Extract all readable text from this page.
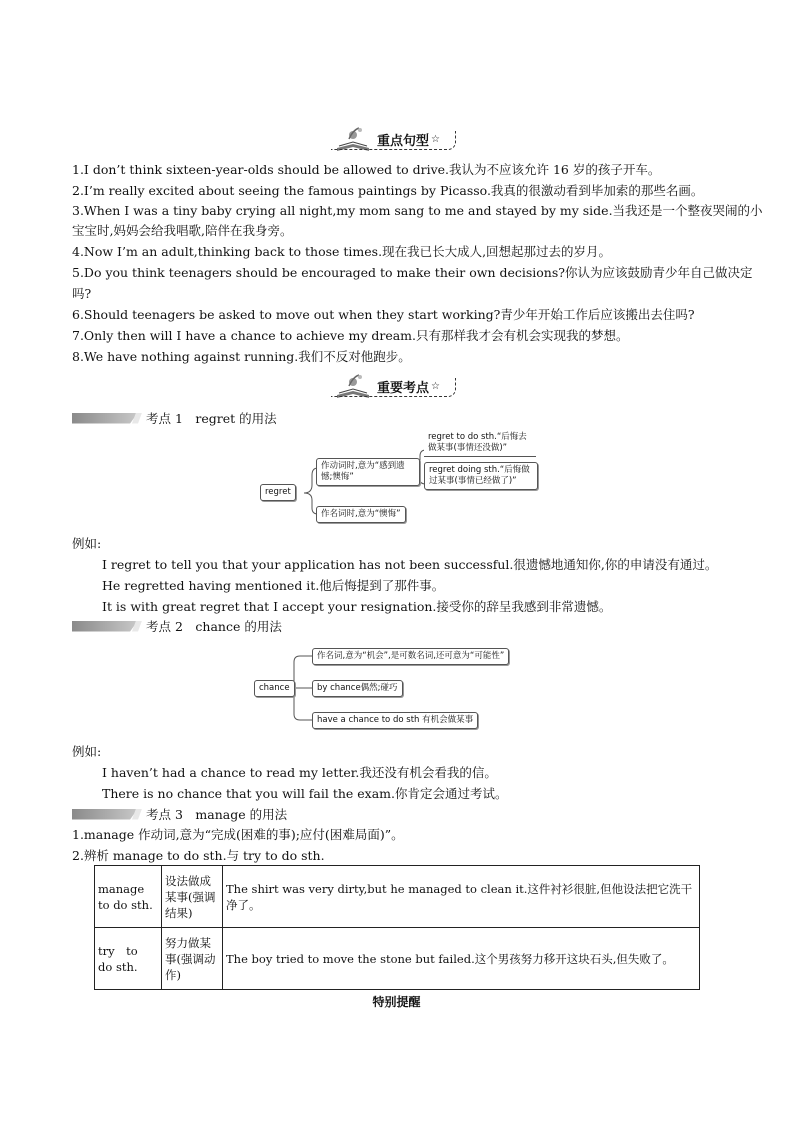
重点句型 ☆
1.I don’t think sixteen-year-olds should be allowed to drive.我认为不应该允许 16 岁的孩子开车。
2.I’m really excited about seeing the famous paintings by Picasso.我真的很激动看到毕加索的那些名画。
3.When I was a tiny baby crying all night,my mom sang to me and stayed by my side.当我还是一个整夜哭闹的小
宝宝时,妈妈会给我唱歌,陪伴在我身旁。
4.Now I’m an adult,thinking back to those times.现在我已长大成人,回想起那过去的岁月。
5.Do you think teenagers should be encouraged to make their own decisions?你认为应该鼓励青少年自己做决定
吗?
6.Should teenagers be asked to move out when they start working?青少年开始工作后应该搬出去住吗?
7.Only then will I have a chance to achieve my dream.只有那样我才会有机会实现我的梦想。
8.We have nothing against running.我们不反对他跑步。
重要考点 ☆
考点 1　regret 的用法
regret
作动词时,意为“感到遗憾;懊悔”
regret to do sth.“后悔去做某事(事情还没做)”
regret doing sth.“后悔做过某事(事情已经做了)”
作名词时,意为“懊悔”
例如:
I regret to tell you that your application has not been successful.很遗憾地通知你,你的申请没有通过。
He regretted having mentioned it.他后悔提到了那件事。
It is with great regret that I accept your resignation.接受你的辞呈我感到非常遗憾。
考点 2　chance 的用法
chance
作名词,意为“机会”,是可数名词,还可意为“可能性”
by chance偶然;碰巧
have a chance to do sth 有机会做某事
例如:
I haven’t had a chance to read my letter.我还没有机会看我的信。
There is no chance that you will fail the exam.你肯定会通过考试。
考点 3　manage 的用法
1.manage 作动词,意为“完成(困难的事);应付(困难局面)”。
2.辨析 manage to do sth.与 try to do sth.
manage　to do sth.	设法做成某事(强调结果)	The shirt was very dirty,but he managed to clean it.这件衬衫很脏,但他设法把它洗干净了。
try　to　do sth.	努力做某事(强调动作)	The boy tried to move the stone but failed.这个男孩努力移开这块石头,但失败了。
特别提醒
